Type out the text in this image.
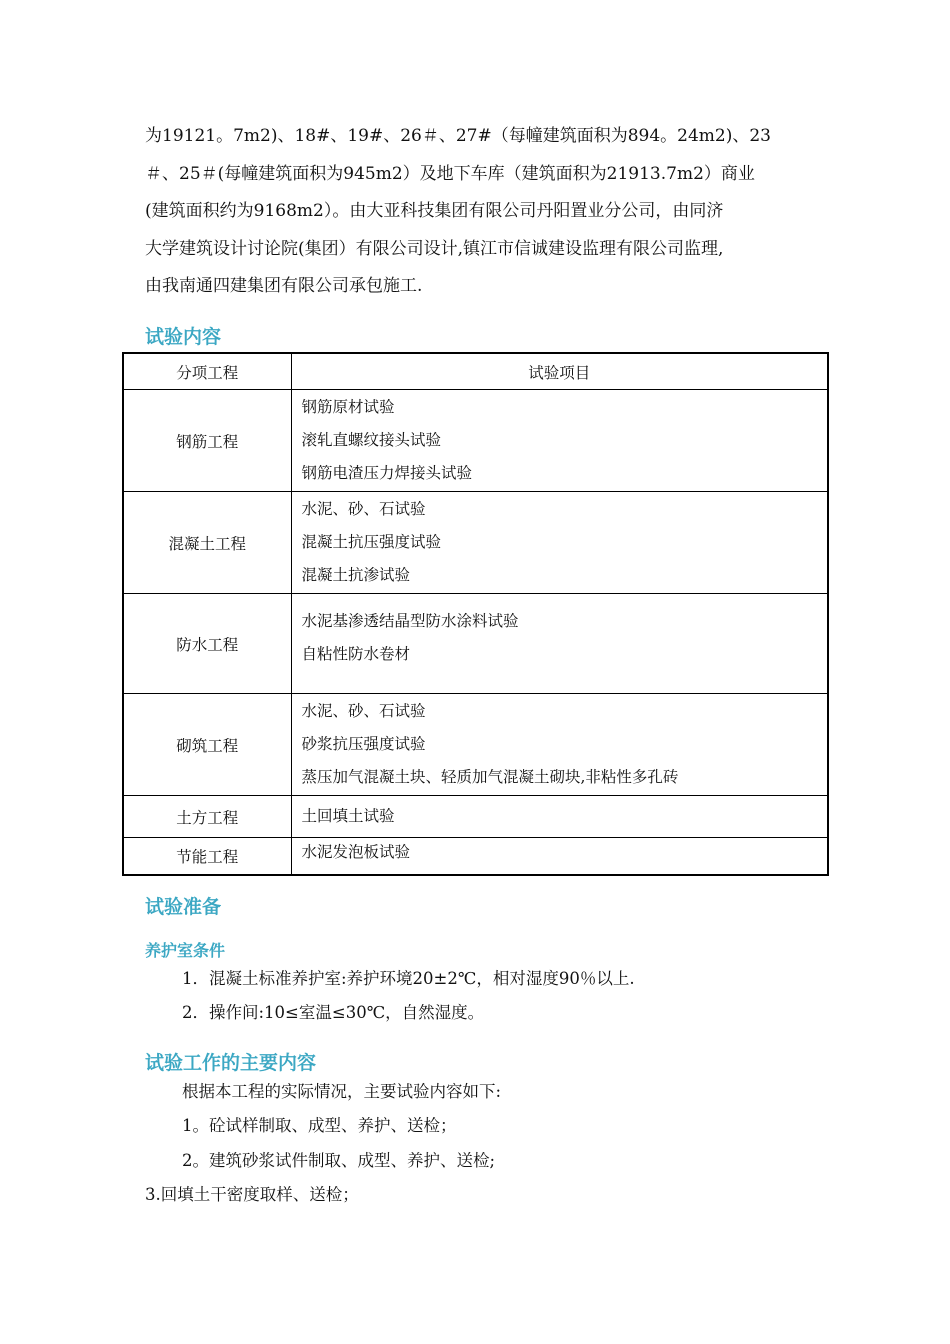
为19121。7m2)、18#、19#、26＃、27#（每幢建筑面积为894。24m2)、23
＃、25＃(每幢建筑面积为945m2）及地下车库（建筑面积为21913.7m2）商业
(建筑面积约为9168m2）。由大亚科技集团有限公司丹阳置业分公司，由同济
大学建筑设计讨论院(集团）有限公司设计,镇江市信诚建设监理有限公司监理,
由我南通四建集团有限公司承包施工.
试验内容
分项工程	试验项目
钢筋工程	钢筋原材试验
滚轧直螺纹接头试验
钢筋电渣压力焊接头试验

混凝土工程	水泥、砂、石试验
混凝土抗压强度试验
混凝土抗渗试验

防水工程	水泥基渗透结晶型防水涂料试验
自粘性防水卷材

砌筑工程	水泥、砂、石试验
砂浆抗压强度试验
蒸压加气混凝土块、轻质加气混凝土砌块,非粘性多孔砖

土方工程	土回填土试验

节能工程	水泥发泡板试验
试验准备
养护室条件

1．混凝土标准养护室:养护环境20±2℃，相对湿度90％以上.

2．操作间:10≤室温≤30℃，自然湿度。

试验工作的主要内容

根据本工程的实际情况，主要试验内容如下:

1。砼试样制取、成型、养护、送检；

2。建筑砂浆试件制取、成型、养护、送检;

3.回填土干密度取样、送检；
